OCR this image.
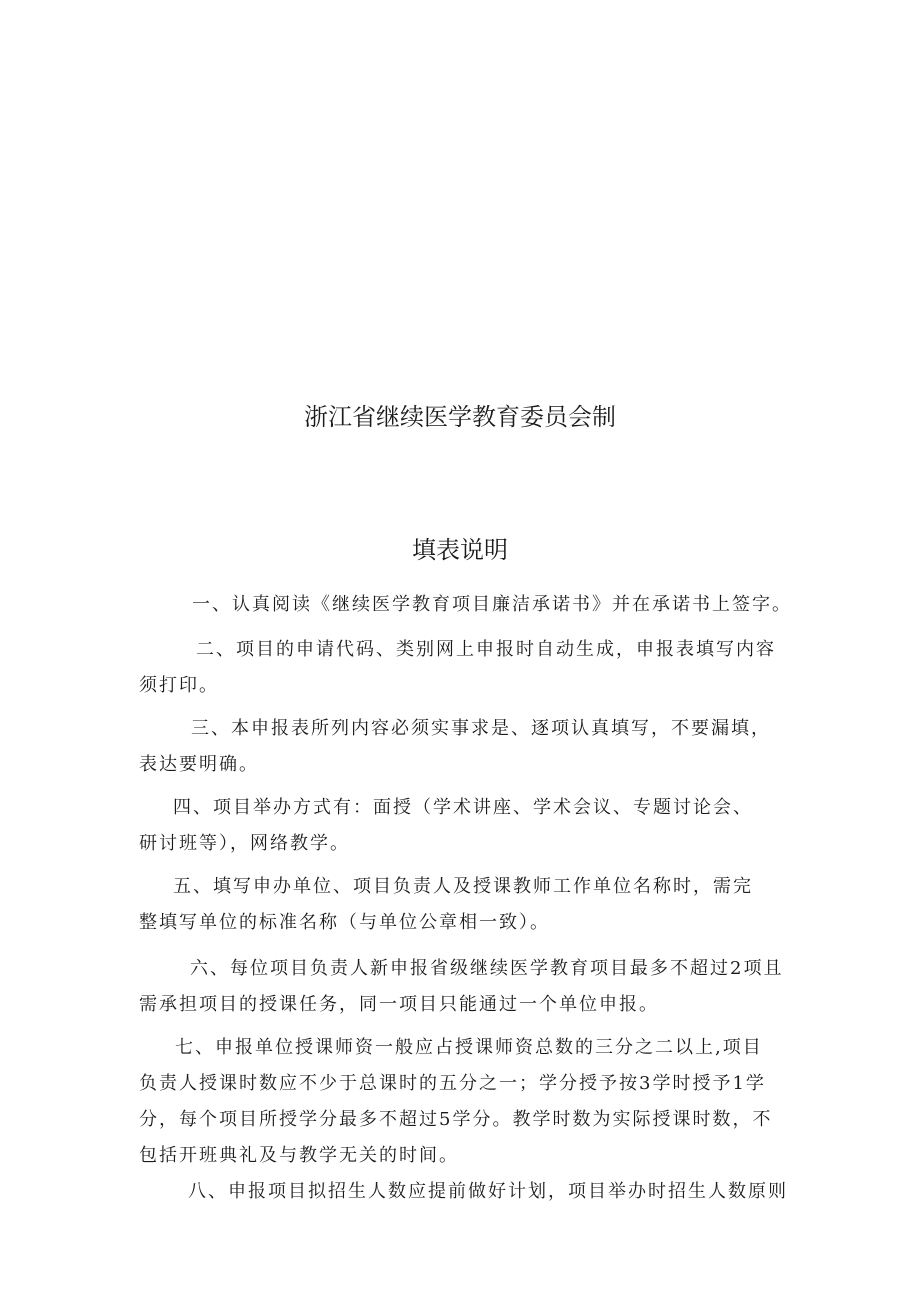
浙江省继续医学教育委员会制
填表说明
一、认真阅读《继续医学教育项目廉洁承诺书》并在承诺书上签字。
二、项目的申请代码、类别网上申报时自动生成，申报表填写内容
须打印。
三、本申报表所列内容必须实事求是、逐项认真填写，不要漏填，
表达要明确。
四、项目举办方式有：面授（学术讲座、学术会议、专题讨论会、
研讨班等），网络教学。
五、填写申办单位、项目负责人及授课教师工作单位名称时，需完
整填写单位的标准名称（与单位公章相一致）。
六、每位项目负责人新申报省级继续医学教育项目最多不超过2项且
需承担项目的授课任务，同一项目只能通过一个单位申报。
七、申报单位授课师资一般应占授课师资总数的三分之二以上,项目
负责人授课时数应不少于总课时的五分之一；学分授予按3学时授予1学
分，每个项目所授学分最多不超过5学分。教学时数为实际授课时数，不
包括开班典礼及与教学无关的时间。
八、申报项目拟招生人数应提前做好计划，项目举办时招生人数原则
